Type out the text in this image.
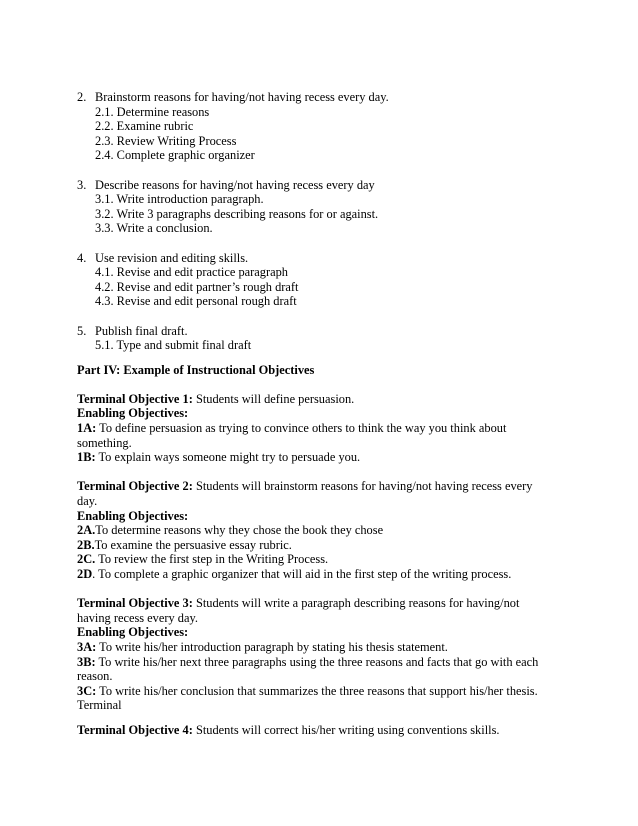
2. Brainstorm reasons for having/not having recess every day.
2.1. Determine reasons
2.2. Examine rubric
2.3. Review Writing Process
2.4. Complete graphic organizer
3. Describe reasons for having/not having recess every day
3.1. Write introduction paragraph.
3.2. Write 3 paragraphs describing reasons for or against.
3.3. Write a conclusion.
4. Use revision and editing skills.
4.1. Revise and edit practice paragraph
4.2. Revise and edit partner’s rough draft
4.3. Revise and edit personal rough draft
5. Publish final draft.
5.1. Type and submit final draft
Part IV: Example of Instructional Objectives
Terminal Objective 1: Students will define persuasion.
Enabling Objectives:
1A: To define persuasion as trying to convince others to think the way you think about
something.
1B: To explain ways someone might try to persuade you.
Terminal Objective 2: Students will brainstorm reasons for having/not having recess every
day.
Enabling Objectives:
2A.To determine reasons why they chose the book they chose
2B.To examine the persuasive essay rubric.
2C. To review the first step in the Writing Process.
2D. To complete a graphic organizer that will aid in the first step of the writing process.
Terminal Objective 3: Students will write a paragraph describing reasons for having/not
having recess every day.
Enabling Objectives:
3A: To write his/her introduction paragraph by stating his thesis statement.
3B: To write his/her next three paragraphs using the three reasons and facts that go with each
reason.
3C: To write his/her conclusion that summarizes the three reasons that support his/her thesis.
Terminal
Terminal Objective 4: Students will correct his/her writing using conventions skills.
